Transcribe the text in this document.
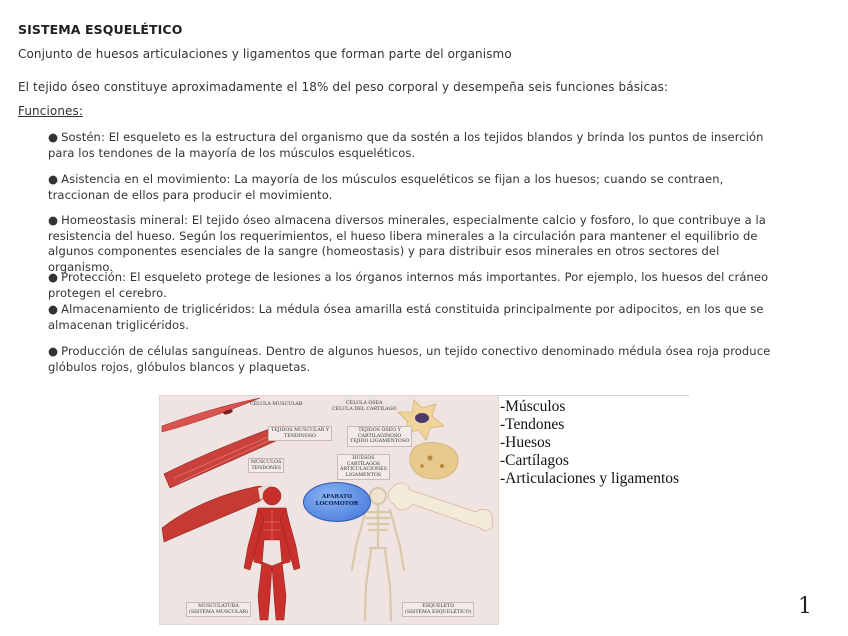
SISTEMA ESQUELÉTICO
Conjunto de huesos articulaciones y ligamentos que forman parte del organismo
El tejido óseo constituye aproximadamente el 18% del peso corporal y desempeña seis funciones básicas:
Funciones:
● Sostén: El esqueleto es la estructura del organismo que da sostén a los tejidos blandos y brinda los puntos de inserción para los tendones de la mayoría de los músculos esqueléticos.
● Asistencia en el movimiento: La mayoría de los músculos esqueléticos se fijan a los huesos; cuando se contraen, traccionan de ellos para producir el movimiento.
● Homeostasis mineral: El tejido óseo almacena diversos minerales, especialmente calcio y fosforo, lo que contribuye a la resistencia del hueso. Según los requerimientos, el hueso libera minerales a la circulación para mantener el equilibrio de algunos componentes esenciales de la sangre (homeostasis) y para distribuir esos minerales en otros sectores del organismo.
● Protección: El esqueleto protege de lesiones a los órganos internos más importantes. Por ejemplo, los huesos del cráneo protegen el cerebro.
● Almacenamiento de triglicéridos: La médula ósea amarilla está constituida principalmente por adipocitos, en los que se almacenan triglicéridos.
● Producción de células sanguíneas. Dentro de algunos huesos, un tejido conectivo denominado médula ósea roja produce glóbulos rojos, glóbulos blancos y plaquetas.
APARATO
LOCOMOTOR
CÉLULA MUSCULAR	CÉLULA ÓSEA
CÉLULA DEL CARTÍLAGO
TEJIDOS MUSCULAR Y
TENDINOSO
TEJIDOS ÓSEO Y
CARTILAGINOSO
TEJIDO LIGAMENTOSO
MÚSCULOS
TENDONES
HUESOS
CARTÍLAGOS
ARTICULACIONES
LIGAMENTOS
MUSCULATURA
(SISTEMA MUSCULAR)
ESQUELETO
(SISTEMA ESQUELÉTICO)
-Músculos
-Tendones
-Huesos
-Cartílagos
-Articulaciones y ligamentos
1
